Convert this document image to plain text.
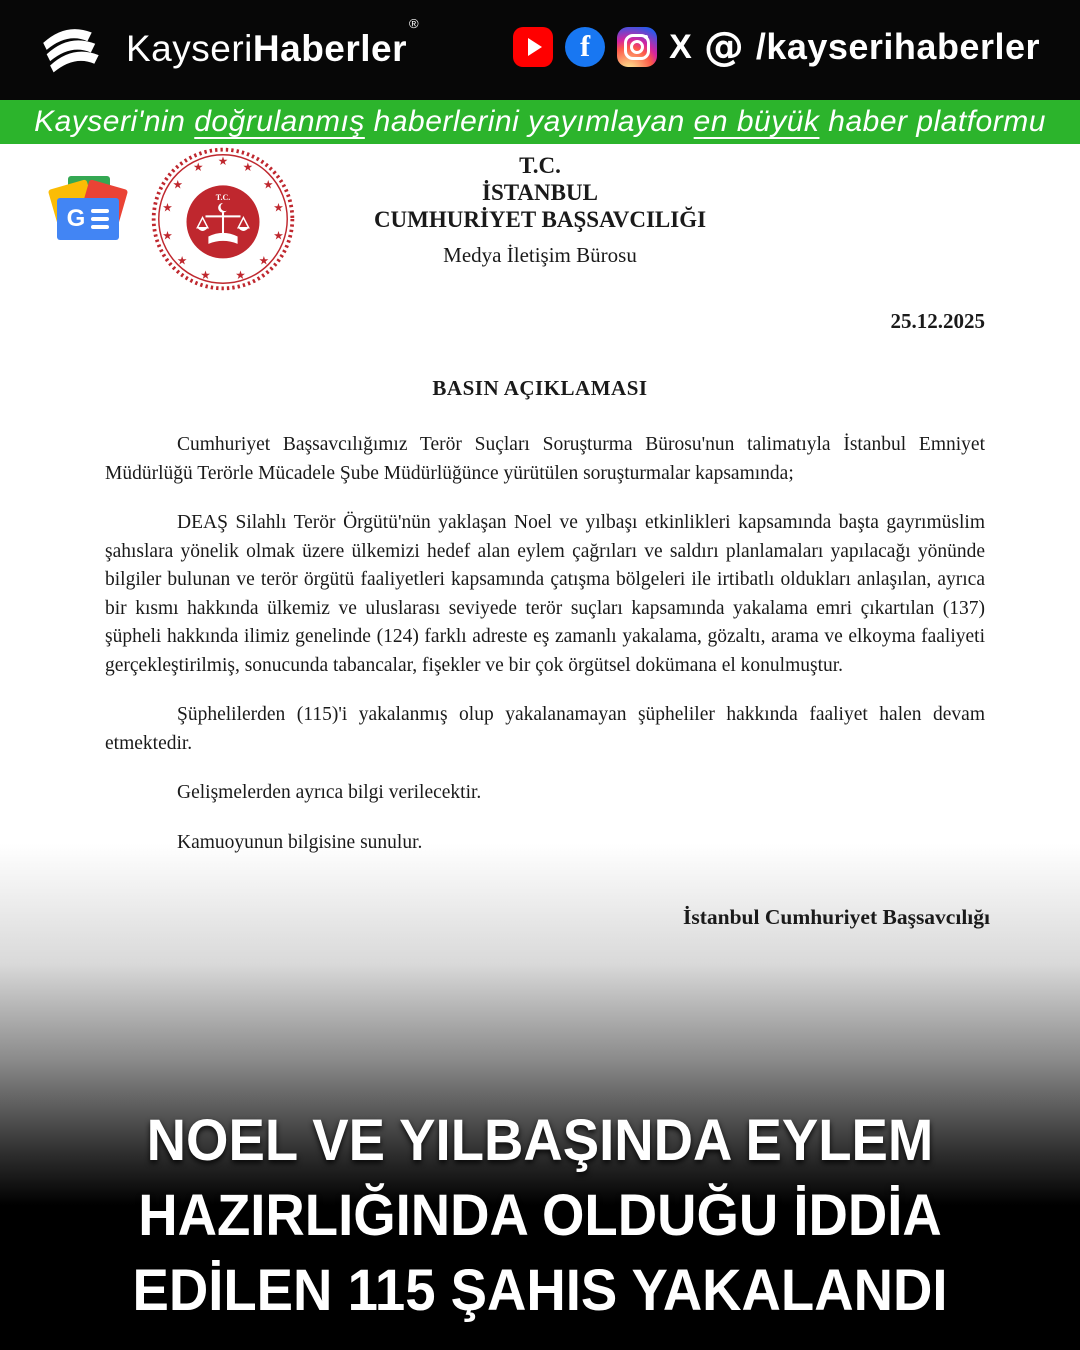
KayseriHaberler®
f	X @ /kayserihaberler
Kayseri'nin doğrulanmış haberlerini yayımlayan en büyük haber platformu
G
★
★	★
★	★
★	★
★	★
★	★
★	★
T.C.
T.C.
İSTANBUL
CUMHURİYET BAŞSAVCILIĞI
Medya İletişim Bürosu
25.12.2025
BASIN AÇIKLAMASI

Cumhuriyet Başsavcılığımız Terör Suçları Soruşturma Bürosu'nun talimatıyla İstanbul Emniyet Müdürlüğü Terörle Mücadele Şube Müdürlüğünce yürütülen soruşturmalar kapsamında;

DEAŞ Silahlı Terör Örgütü'nün yaklaşan Noel ve yılbaşı etkinlikleri kapsamında başta gayrımüslim şahıslara yönelik olmak üzere ülkemizi hedef alan eylem çağrıları ve saldırı planlamaları yapılacağı yönünde bilgiler bulunan ve terör örgütü faaliyetleri kapsamında çatışma bölgeleri ile irtibatlı oldukları anlaşılan, ayrıca bir kısmı hakkında ülkemiz ve uluslarası seviyede terör suçları kapsamında yakalama emri çıkartılan (137) şüpheli hakkında ilimiz genelinde (124) farklı adreste eş zamanlı yakalama, gözaltı, arama ve elkoyma faaliyeti gerçekleştirilmiş, sonucunda tabancalar, fişekler ve bir çok örgütsel dokümana el konulmuştur.

Şüphelilerden (115)'i yakalanmış olup yakalanamayan şüpheliler hakkında faaliyet halen devam etmektedir.

Gelişmelerden ayrıca bilgi verilecektir.

Kamuoyunun bilgisine sunulur.

İstanbul Cumhuriyet Başsavcılığı
NOEL VE YILBAŞINDA EYLEM
HAZIRLIĞINDA OLDUĞU İDDİA
EDİLEN 115 ŞAHIS YAKALANDI
